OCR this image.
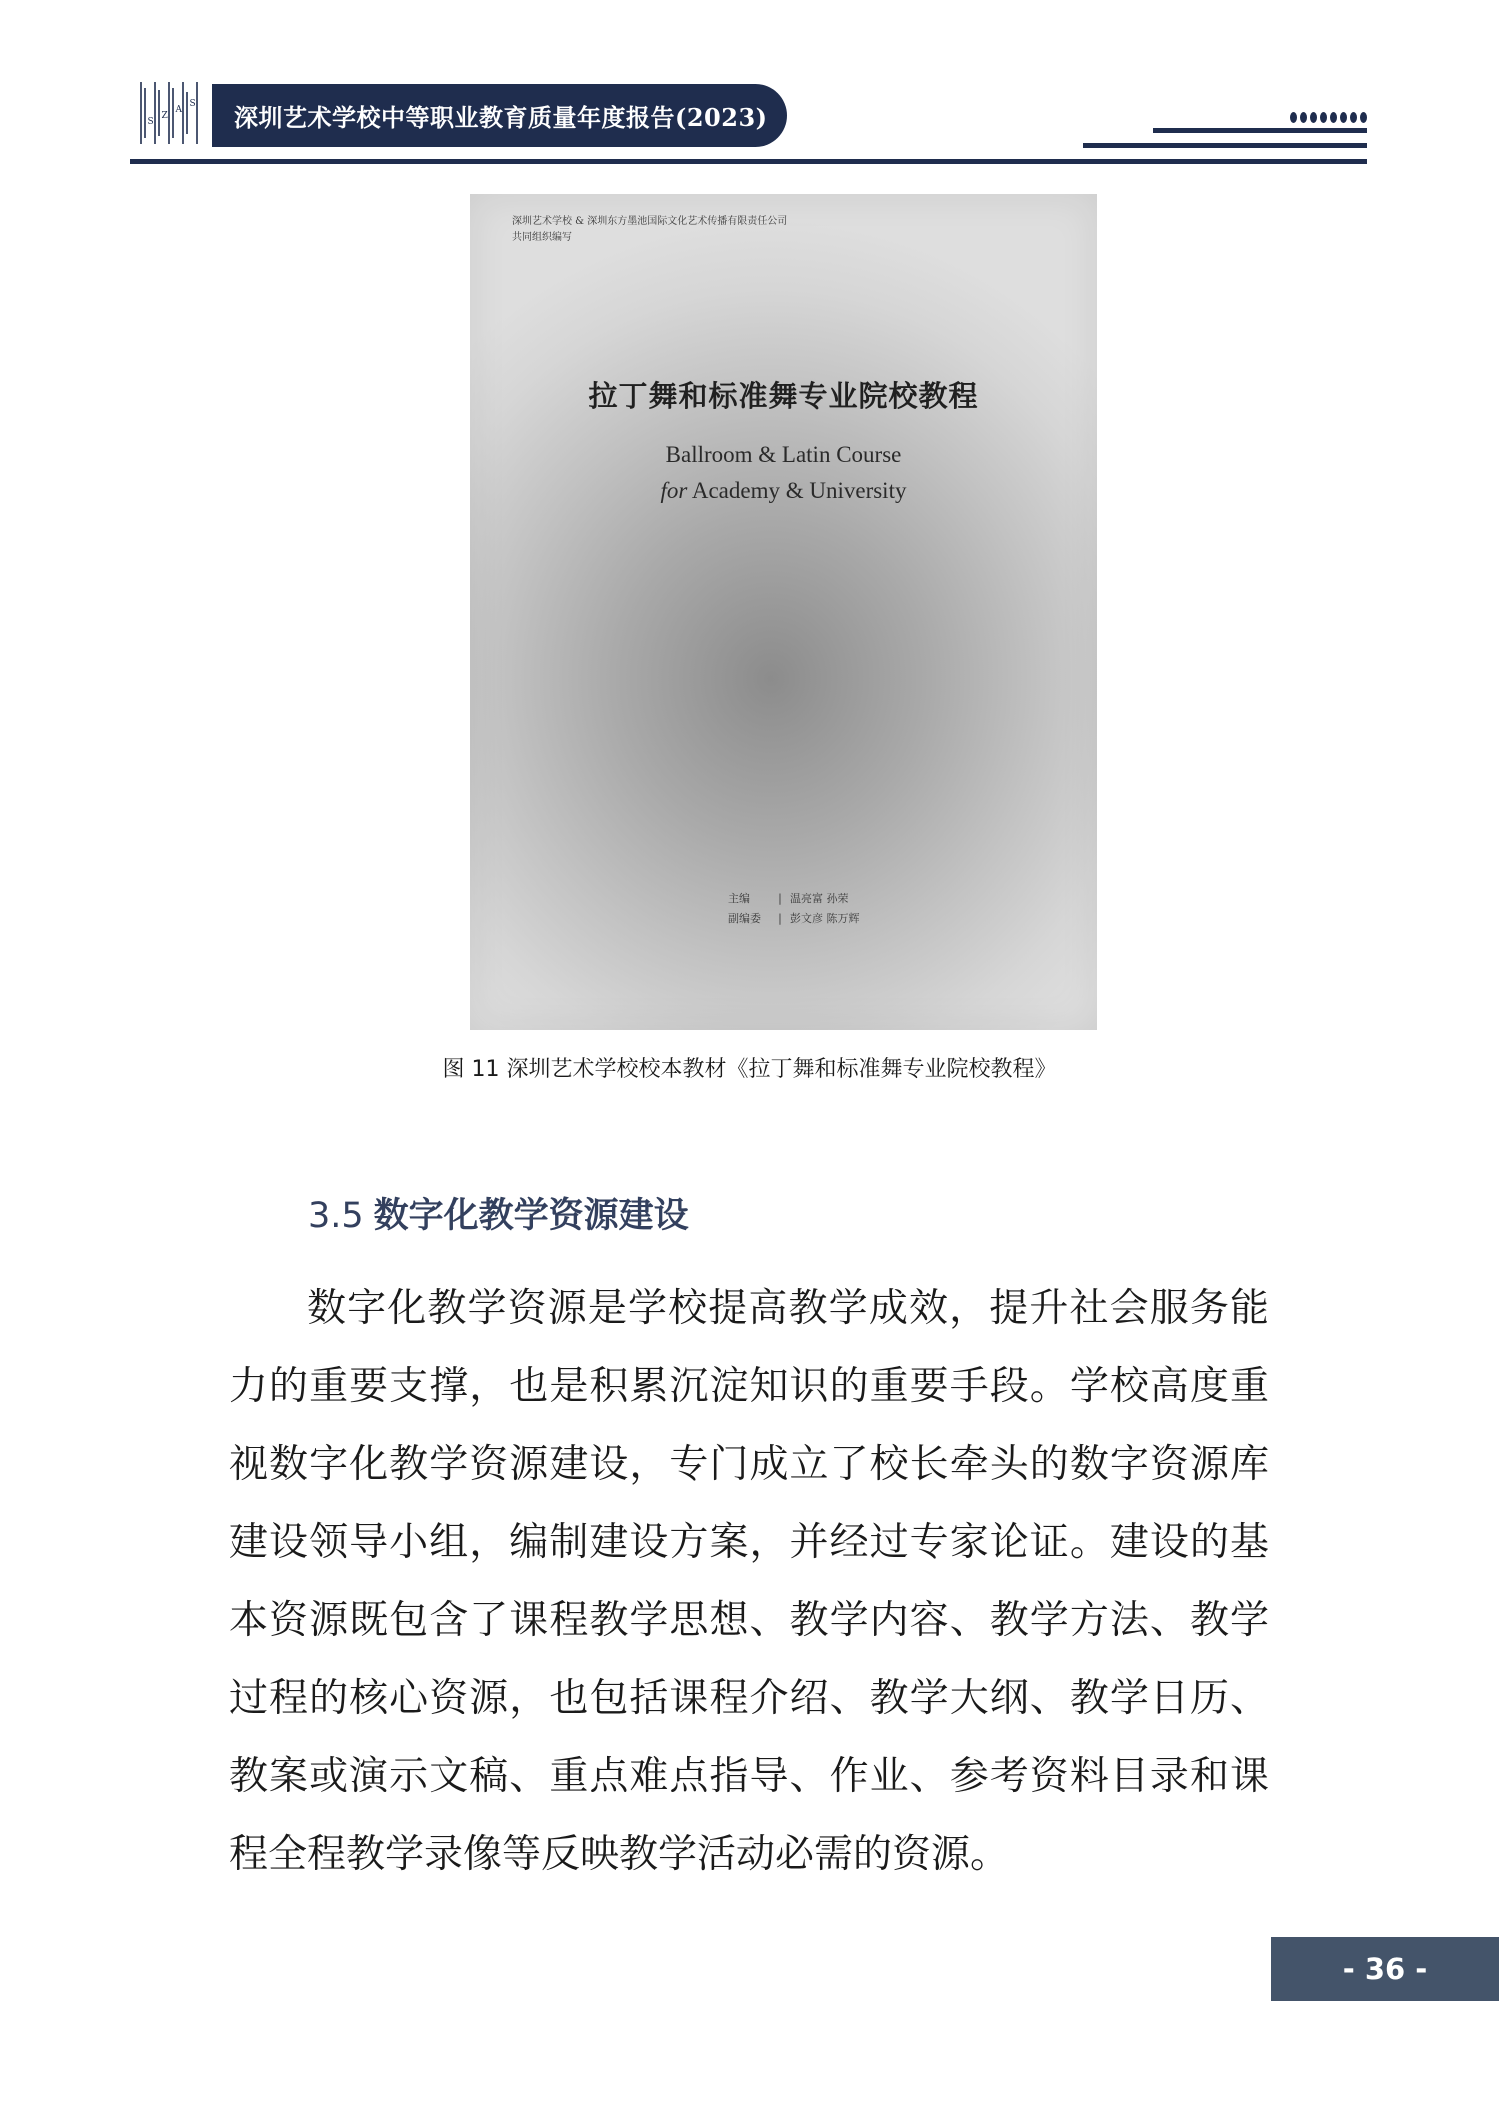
S
Z
A
S 深圳艺术学校中等职业教育质量年度报告(2023)
深圳艺术学校 & 深圳东方墨池国际文化艺术传播有限责任公司
共同组织编写
拉丁舞和标准舞专业院校教程
Ballroom & Latin Course
for Academy & University
主编	| 温亮富 孙荣
副编委 | 彭文彦 陈万辉
图 11 深圳艺术学校校本教材《拉丁舞和标准舞专业院校教程》
3.5 数字化教学资源建设
数字化教学资源是学校提高教学成效，提升社会服务能
力的重要支撑，也是积累沉淀知识的重要手段。学校高度重
视数字化教学资源建设，专门成立了校长牵头的数字资源库
建设领导小组，编制建设方案，并经过专家论证。建设的基
本资源既包含了课程教学思想、教学内容、教学方法、教学
过程的核心资源，也包括课程介绍、教学大纲、教学日历、
教案或演示文稿、重点难点指导、作业、参考资料目录和课
程全程教学录像等反映教学活动必需的资源。
- 36 -
